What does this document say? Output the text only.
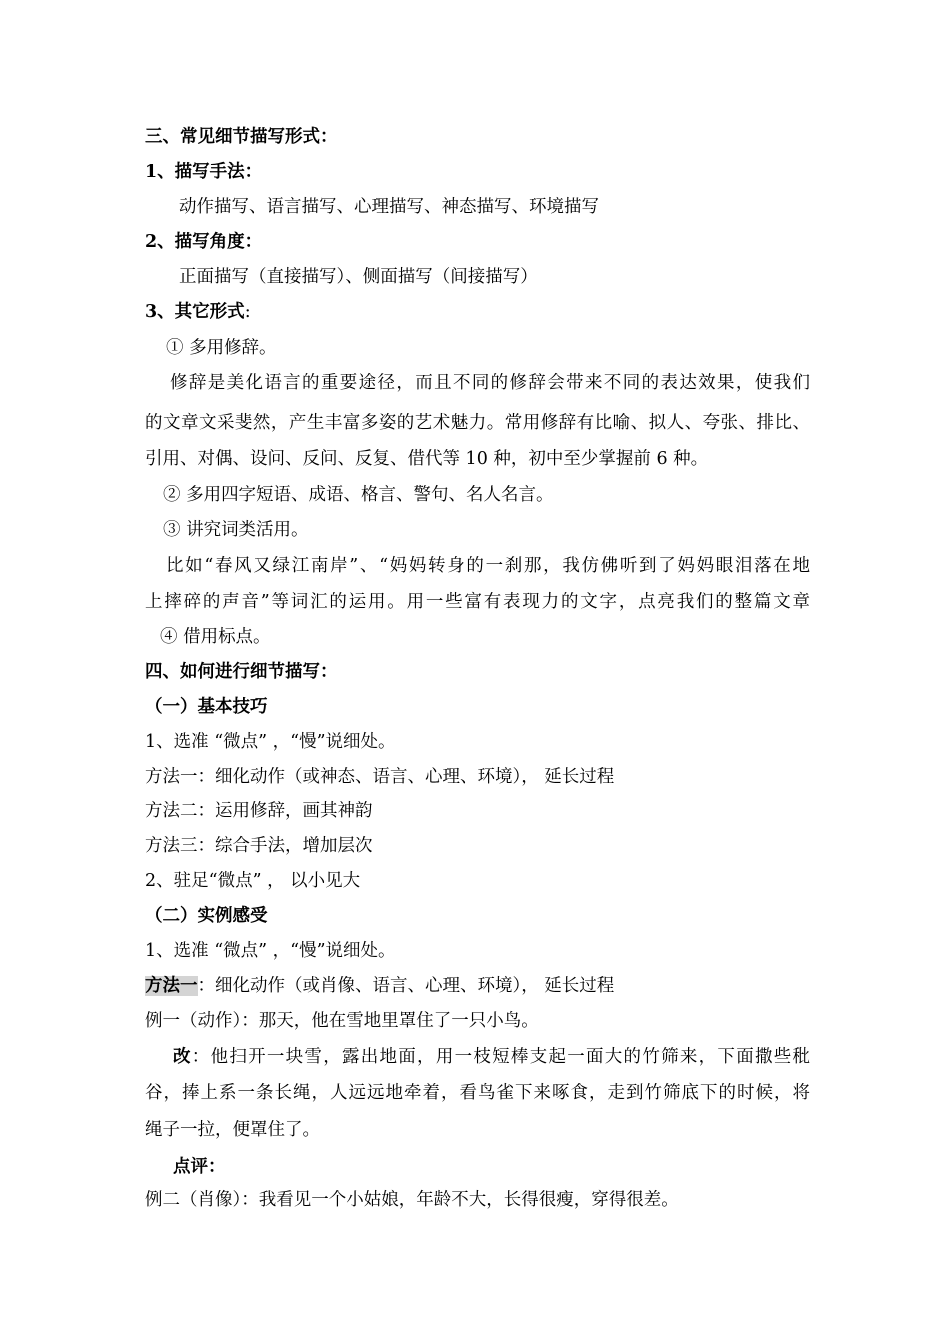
三、常见细节描写形式：
1、描写手法：
动作描写、语言描写、心理描写、神态描写、环境描写
2、描写角度：
正面描写（直接描写）、侧面描写（间接描写）
3、其它形式:
① 多用修辞。
修辞是美化语言的重要途径，而且不同的修辞会带来不同的表达效果，使我们
的文章文采斐然，产生丰富多姿的艺术魅力。常用修辞有比喻、拟人、夸张、排比、
引用、对偶、设问、反问、反复、借代等 10 种，初中至少掌握前 6 种。
② 多用四字短语、成语、格言、警句、名人名言。
③ 讲究词类活用。
比如“春风又绿江南岸”、“妈妈转身的一刹那，我仿佛听到了妈妈眼泪落在地
上摔碎的声音”等词汇的运用。用一些富有表现力的文字，点亮我们的整篇文章
④ 借用标点。
四、如何进行细节描写：
（一）基本技巧
1、选准 “微点” ，“慢”说细处。
方法一：细化动作（或神态、语言、心理、环境）， 延长过程
方法二：运用修辞，画其神韵
方法三：综合手法，增加层次
2、驻足“微点” ， 以小见大
（二）实例感受
1、选准 “微点” ，“慢”说细处。
方法一：细化动作（或肖像、语言、心理、环境）， 延长过程
例一（动作）：那天，他在雪地里罩住了一只小鸟。
改：他扫开一块雪，露出地面，用一枝短棒支起一面大的竹筛来，下面撒些秕
谷，捧上系一条长绳，人远远地牵着，看鸟雀下来啄食，走到竹筛底下的时候，将
绳子一拉，便罩住了。
点评：
例二（肖像）：我看见一个小姑娘，年龄不大，长得很瘦，穿得很差。
